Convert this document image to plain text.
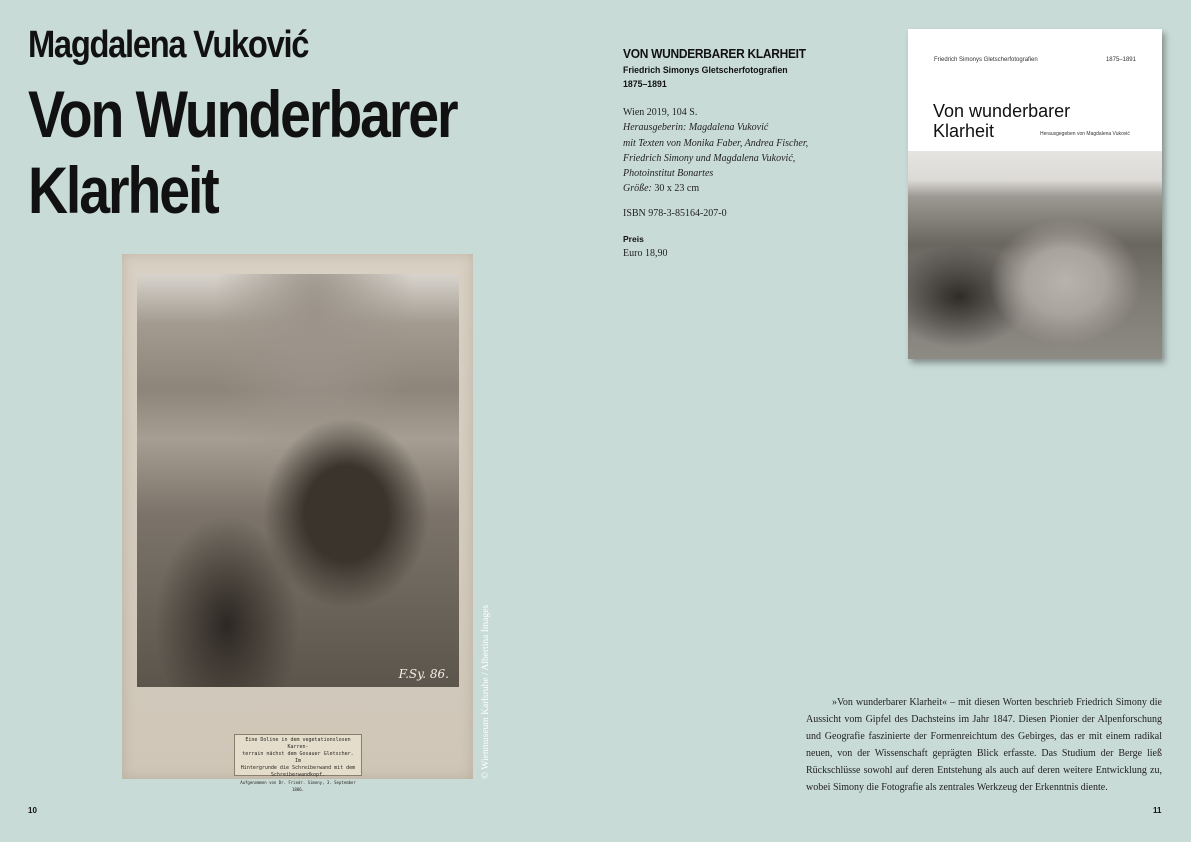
Magdalena Vuković
Von Wunderbarer
Klarheit
F.Sy. 86.
Eine Doline in dem vegetationslosen Karren-
terrain nächst dem Gosauer Gletscher. Im
Hintergrunde die Schreiberwand mit dem
Schreiberwandkopf.
Aufgenommen von Dr. Friedr. Simony, 3. September 1886.
© Wienmuseum Karlsruhe / Albertina Images
VON WUNDERBARER KLARHEIT
Friedrich Simonys Gletscherfotografien
1875–1891
Wien 2019, 104 S.
Herausgeberin: Magdalena Vuković
mit Texten von Monika Faber, Andrea Fischer,
Friedrich Simony und Magdalena Vuković,
Photoinstitut Bonartes
Größe: 30 x 23 cm
ISBN 978-3-85164-207-0
Preis
Euro 18,90
Friedrich Simonys Gletscherfotografien	1875–1891
Von wunderbarer
Klarheit	Herausgegeben von Magdalena Vuković
»Von wunderbarer Klarheit« – mit diesen Worten beschrieb Friedrich Simony die Aussicht vom Gipfel des Dachsteins im Jahr 1847. Diesen Pionier der Alpenforschung und Geografie faszinierte der Formenreichtum des Gebirges, das er mit einem radikal neuen, von der Wissenschaft geprägten Blick erfasste. Das Studium der Berge ließ Rückschlüsse sowohl auf deren Entstehung als auch auf deren weitere Entwicklung zu, wobei Simony die Fotografie als zentrales Werkzeug der Erkenntnis diente.
10	11
